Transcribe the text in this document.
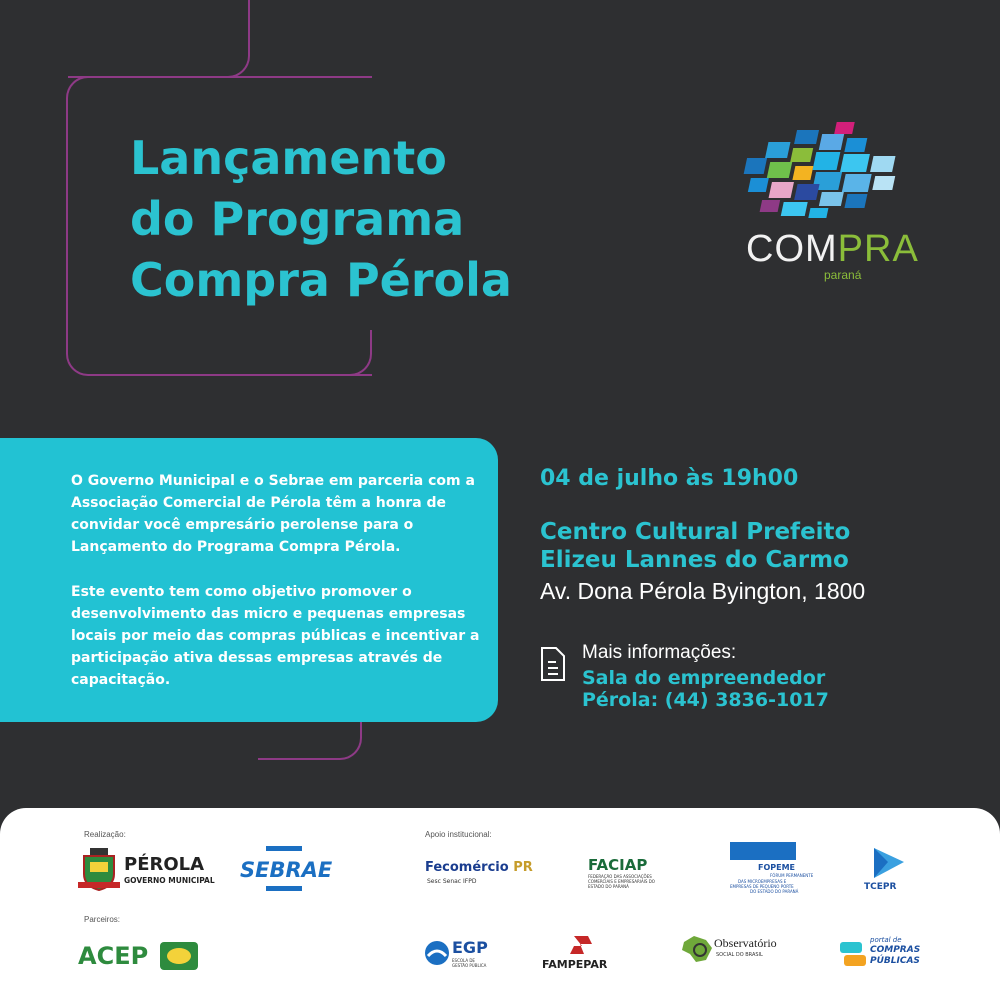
Lançamento
do Programa
Compra Pérola
COMPRA
paraná

O Governo Municipal e o Sebrae em parceria com a Associação Comercial de Pérola têm a honra de convidar você empresário perolense para o Lançamento do Programa Compra Pérola.

Este evento tem como objetivo promover o desenvolvimento das micro e pequenas empresas locais por meio das compras públicas e incentivar a participação ativa dessas empresas através de capacitação.

04 de julho às 19h00
Centro Cultural Prefeito
Elizeu Lannes do Carmo
Av. Dona Pérola Byington, 1800
Mais informações:
Sala do empreendedor
Pérola: (44) 3836-1017
Realização:	Apoio institucional:
Parceiros:
PÉROLA
GOVERNO MUNICIPAL SEBRAE	Fecomércio PR
Sesc Senac IFPD
FACIAP
FEDERAÇÃO DAS ASSOCIAÇÕES COMERCIAIS E EMPRESARIAIS DO ESTADO DO PARANÁ
FOPEME
FÓRUM PERMANENTE
DAS MICROEMPRESAS E
EMPRESAS DE PEQUENO PORTE
DO ESTADO DO PARANÁ	TCEPR
ACEP	EGP
ESCOLA DE
GESTÃO PÚBLICA	FAMPEPAR
Observatório
SOCIAL DO BRASIL
portal de
COMPRAS
PÚBLICAS
